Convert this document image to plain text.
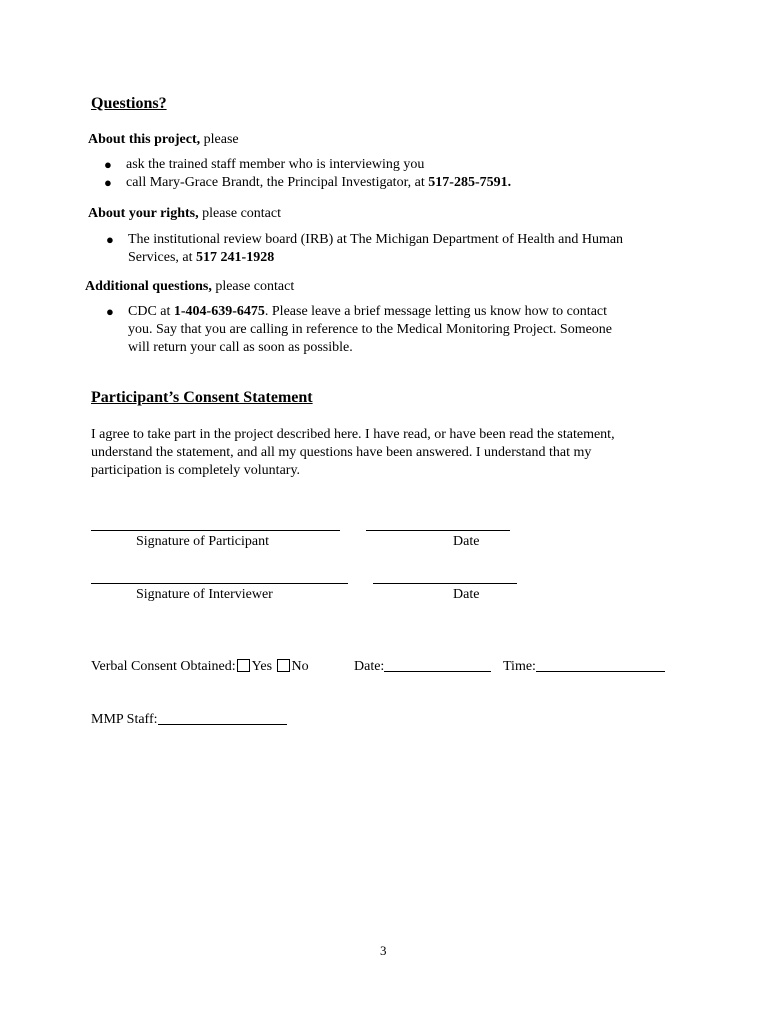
Questions?
About this project, please
● ask the trained staff member who is interviewing you
● call Mary-Grace Brandt, the Principal Investigator, at 517-285-7591.
About your rights, please contact
● The institutional review board (IRB) at The Michigan Department of Health and Human
Services, at 517 241-1928
Additional questions, please contact
● CDC at 1-404-639-6475. Please leave a brief message letting us know how to contact
you. Say that you are calling in reference to the Medical Monitoring Project. Someone
will return your call as soon as possible.
Participant’s Consent Statement
I agree to take part in the project described here. I have read, or have been read the statement,
understand the statement, and all my questions have been answered. I understand that my
participation is completely voluntary.
Signature of Participant	Date
Signature of Interviewer	Date
Verbal Consent Obtained: Yes No	Date:	Time:
MMP Staff:
3
